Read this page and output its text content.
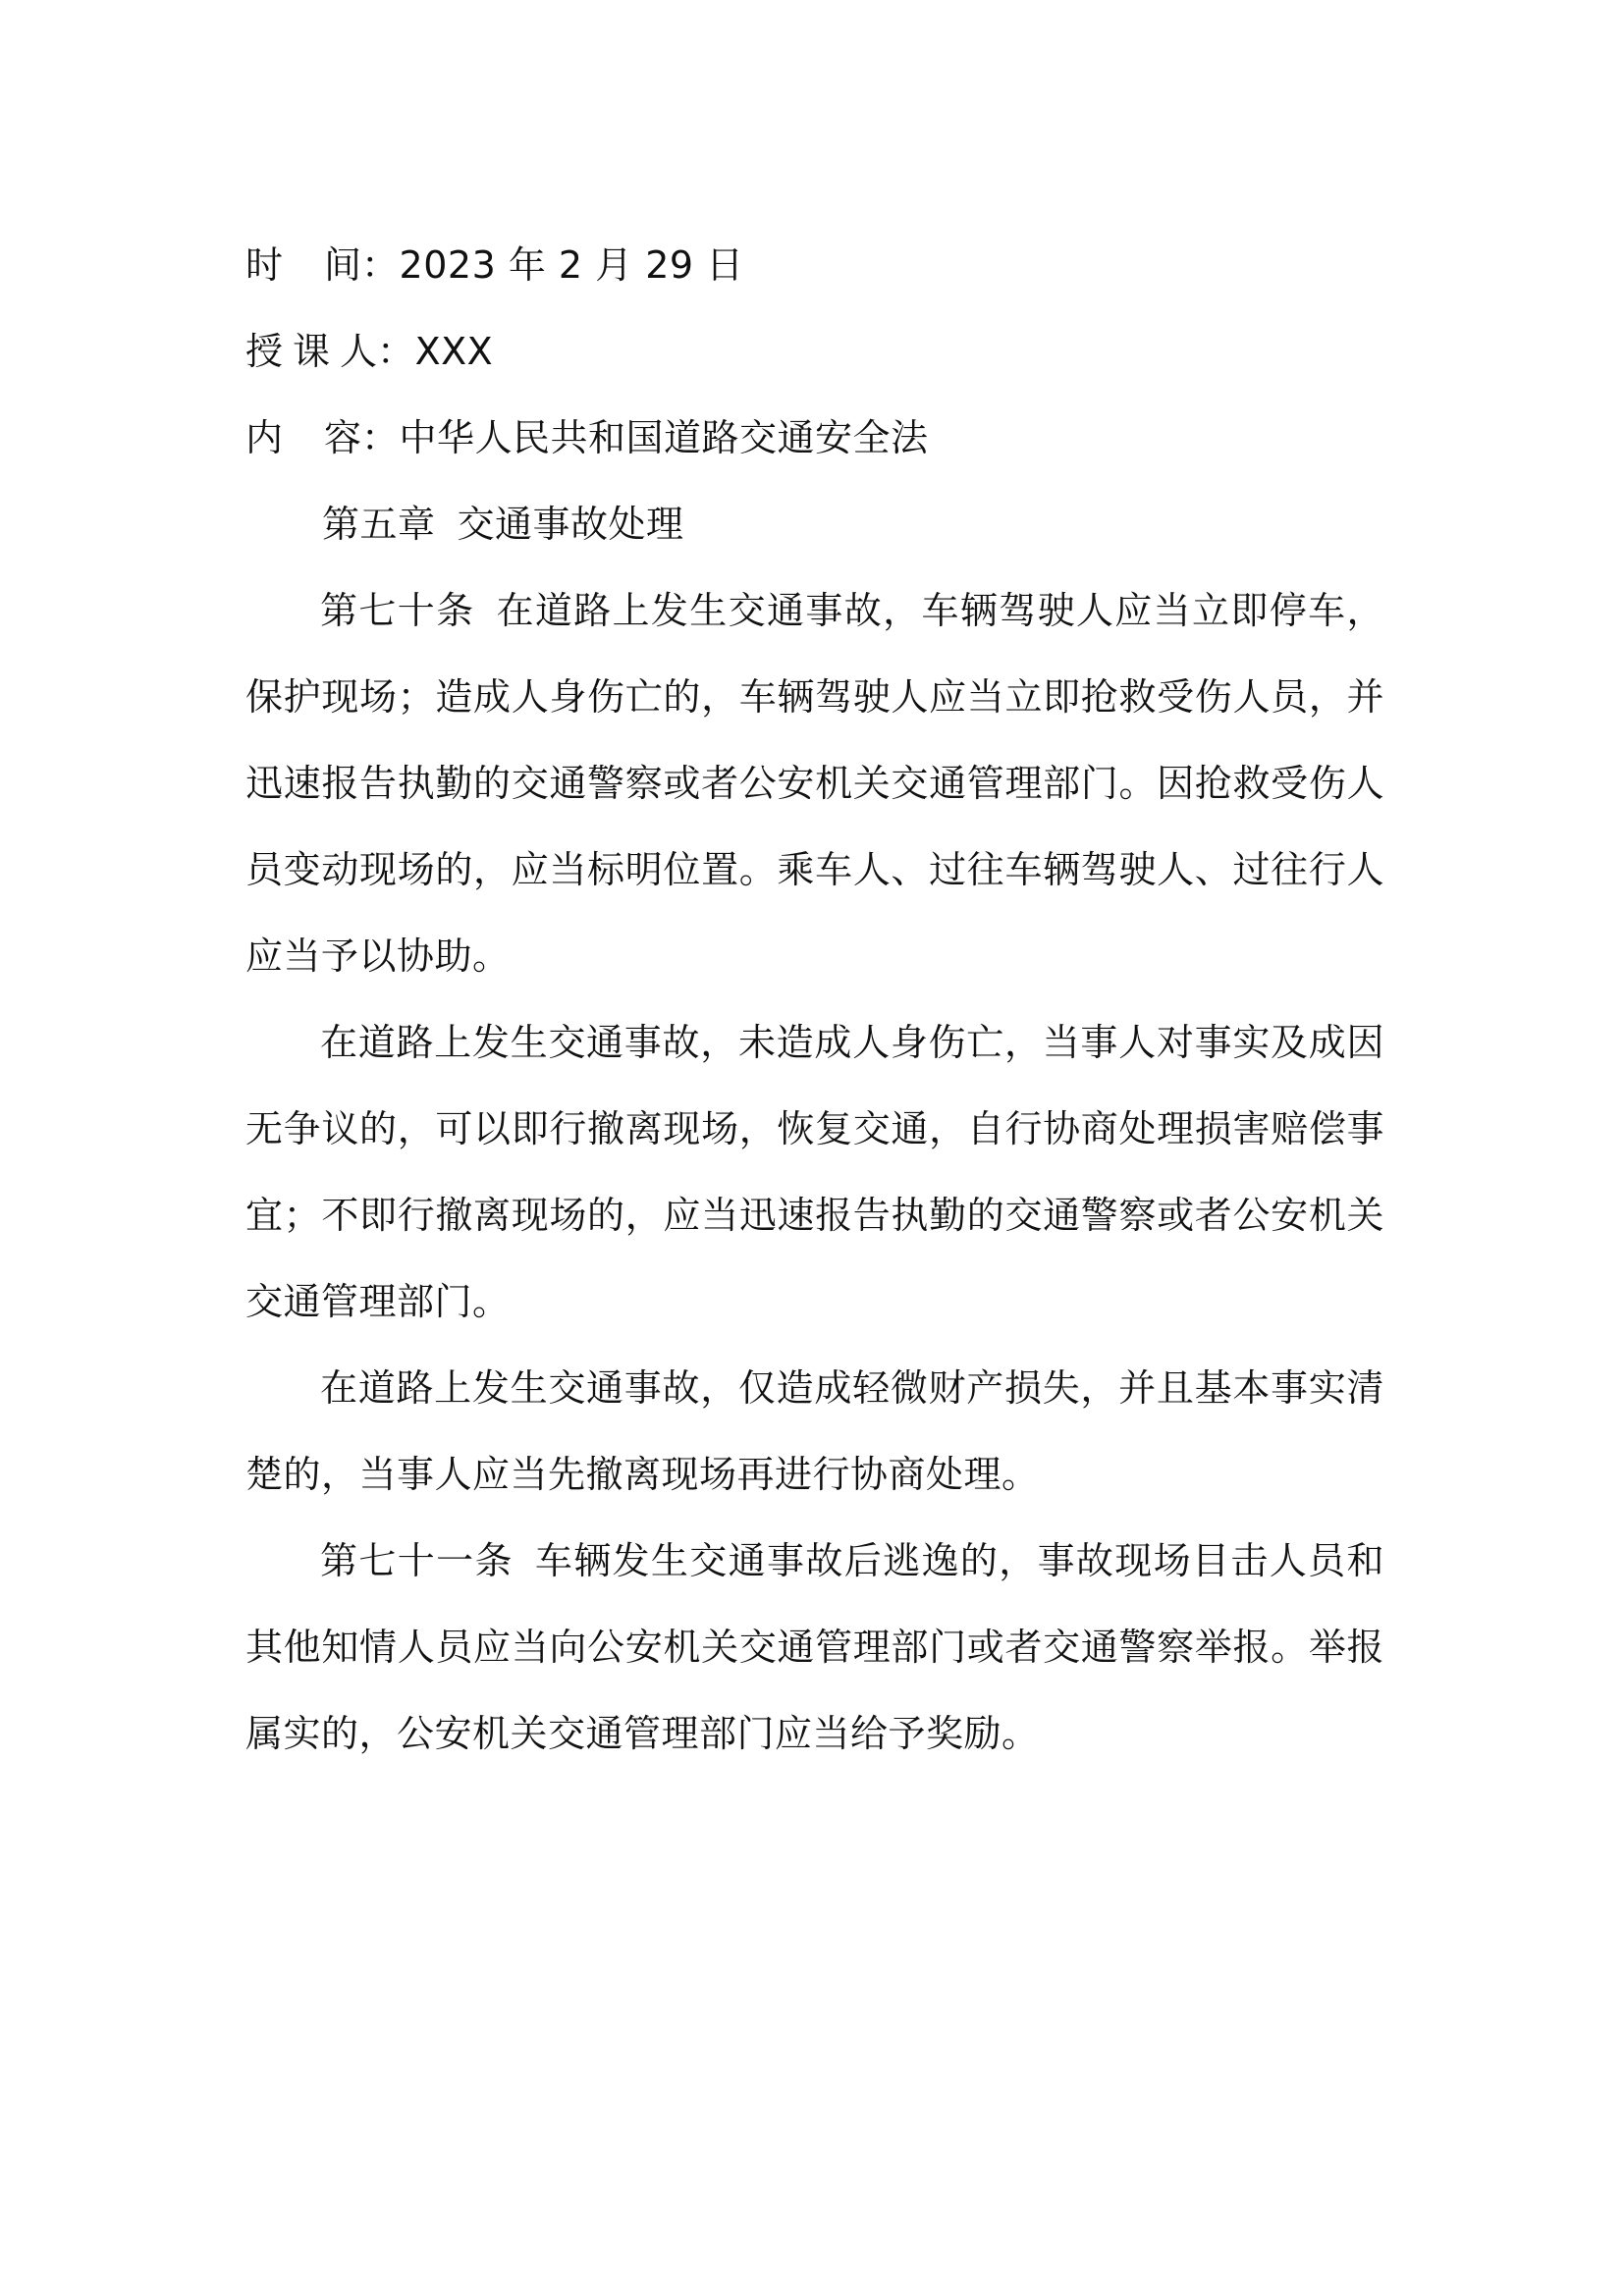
时 间：2023 年 2 月 29 日

授 课 人：XXX

内 容：中华人民共和国道路交通安全法

第五章 交通事故处理

第七十条 在道路上发生交通事故，车辆驾驶人应当立即停车，保护现场；造成人身伤亡的，车辆驾驶人应当立即抢救受伤人员，并迅速报告执勤的交通警察或者公安机关交通管理部门。因抢救受伤人员变动现场的，应当标明位置。乘车人、过往车辆驾驶人、过往行人应当予以协助。

在道路上发生交通事故，未造成人身伤亡，当事人对事实及成因无争议的，可以即行撤离现场，恢复交通，自行协商处理损害赔偿事宜；不即行撤离现场的，应当迅速报告执勤的交通警察或者公安机关交通管理部门。

在道路上发生交通事故，仅造成轻微财产损失，并且基本事实清楚的，当事人应当先撤离现场再进行协商处理。

第七十一条 车辆发生交通事故后逃逸的，事故现场目击人员和其他知情人员应当向公安机关交通管理部门或者交通警察举报。举报属实的，公安机关交通管理部门应当给予奖励。
